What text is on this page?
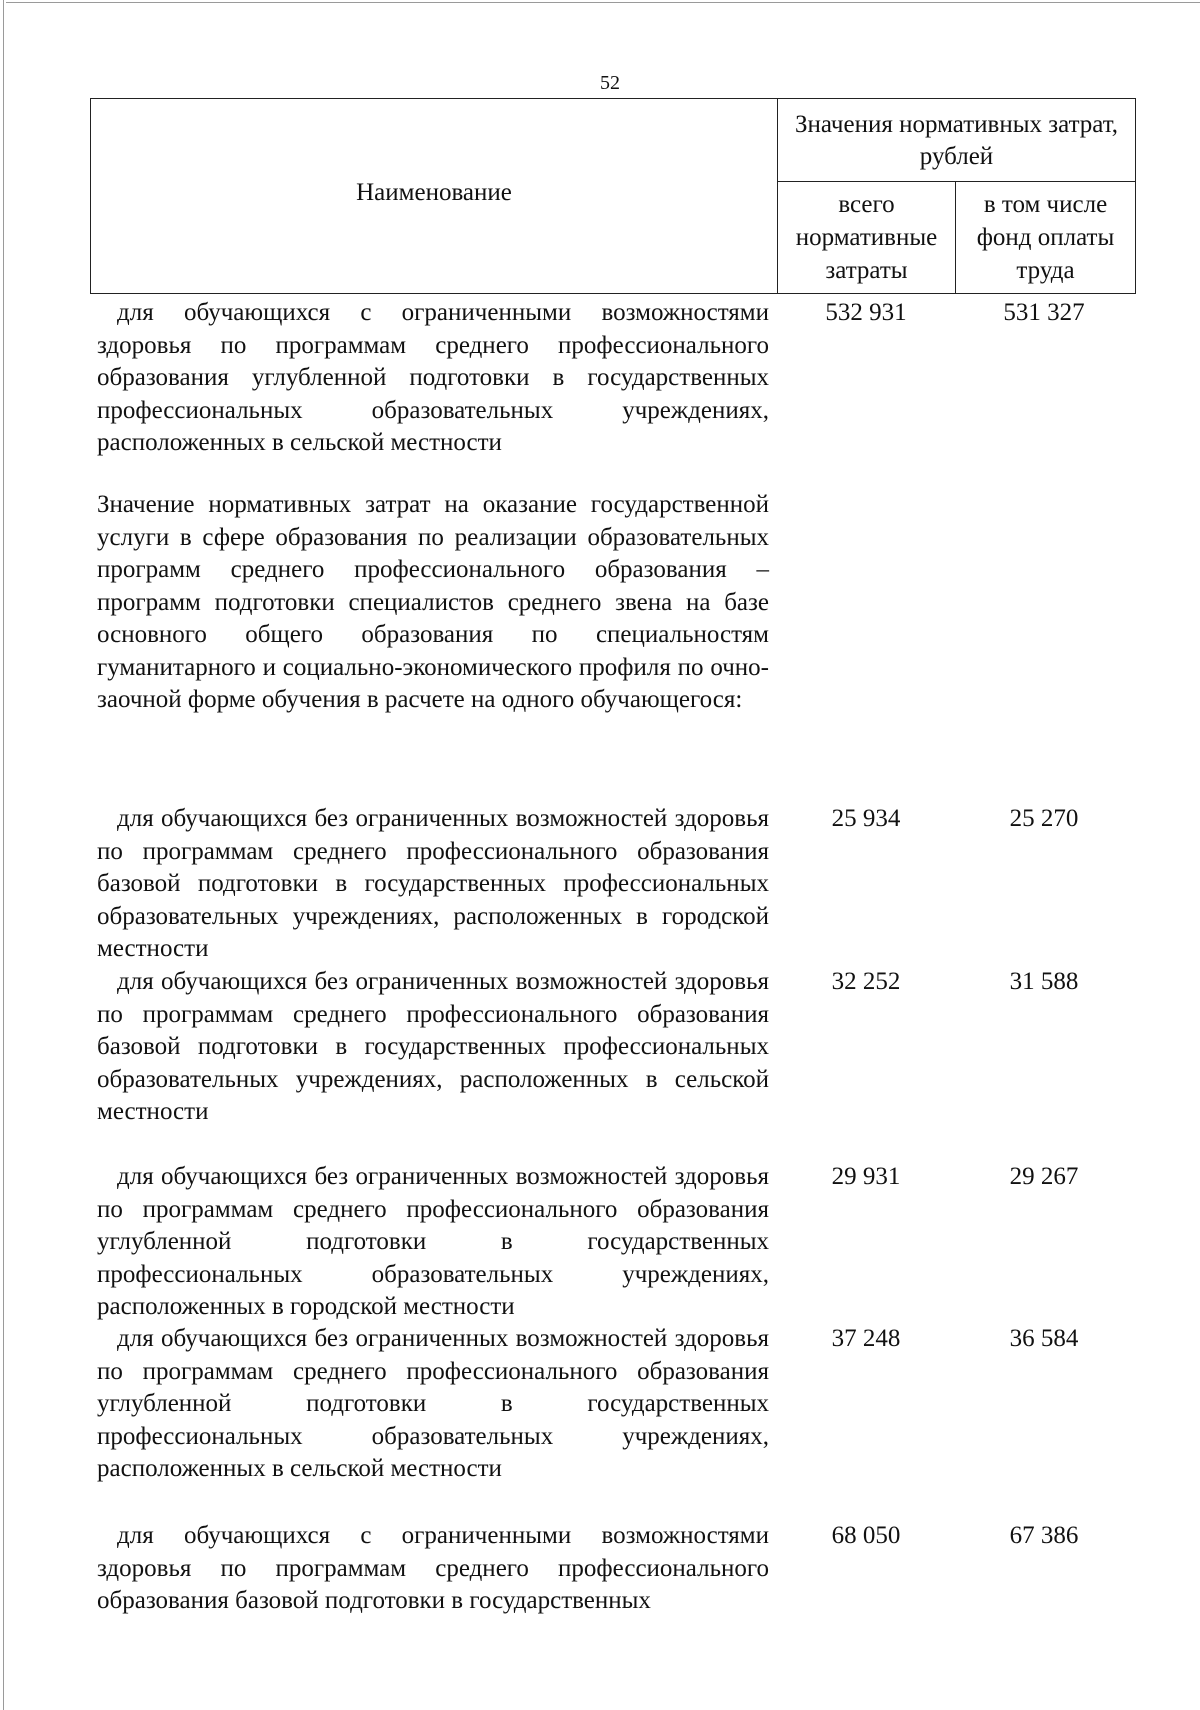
52
Наименование
Значения нормативных затрат, рублей
всего нормативные затраты
в том числе фонд оплаты труда
для обучающихся с ограниченными возможностями здоровья по программам среднего профессионального образования углубленной подготовки в государственных профессиональных образовательных учреждениях, расположенных в сельской местности
532 931	531 327
Значение нормативных затрат на оказание государственной услуги в сфере образования по реализации образовательных программ среднего профессионального образования – программ подготовки специалистов среднего звена на базе основного общего образования по специальностям гуманитарного и социально-экономического профиля по очно-заочной форме обучения в расчете на одного обучающегося:
для обучающихся без ограниченных возможностей здоровья по программам среднего профессионального образования базовой подготовки в государственных профессиональных образовательных учреждениях, расположенных в городской местности
25 934	25 270
для обучающихся без ограниченных возможностей здоровья по программам среднего профессионального образования базовой подготовки в государственных профессиональных образовательных учреждениях, расположенных в сельской местности
32 252	31 588
для обучающихся без ограниченных возможностей здоровья по программам среднего профессионального образования углубленной подготовки в государственных профессиональных образовательных учреждениях, расположенных в городской местности
29 931	29 267
для обучающихся без ограниченных возможностей здоровья по программам среднего профессионального образования углубленной подготовки в государственных профессиональных образовательных учреждениях, расположенных в сельской местности
37 248	36 584
для обучающихся с ограниченными возможностями здоровья по программам среднего профессионального образования базовой подготовки в государственных
68 050	67 386
